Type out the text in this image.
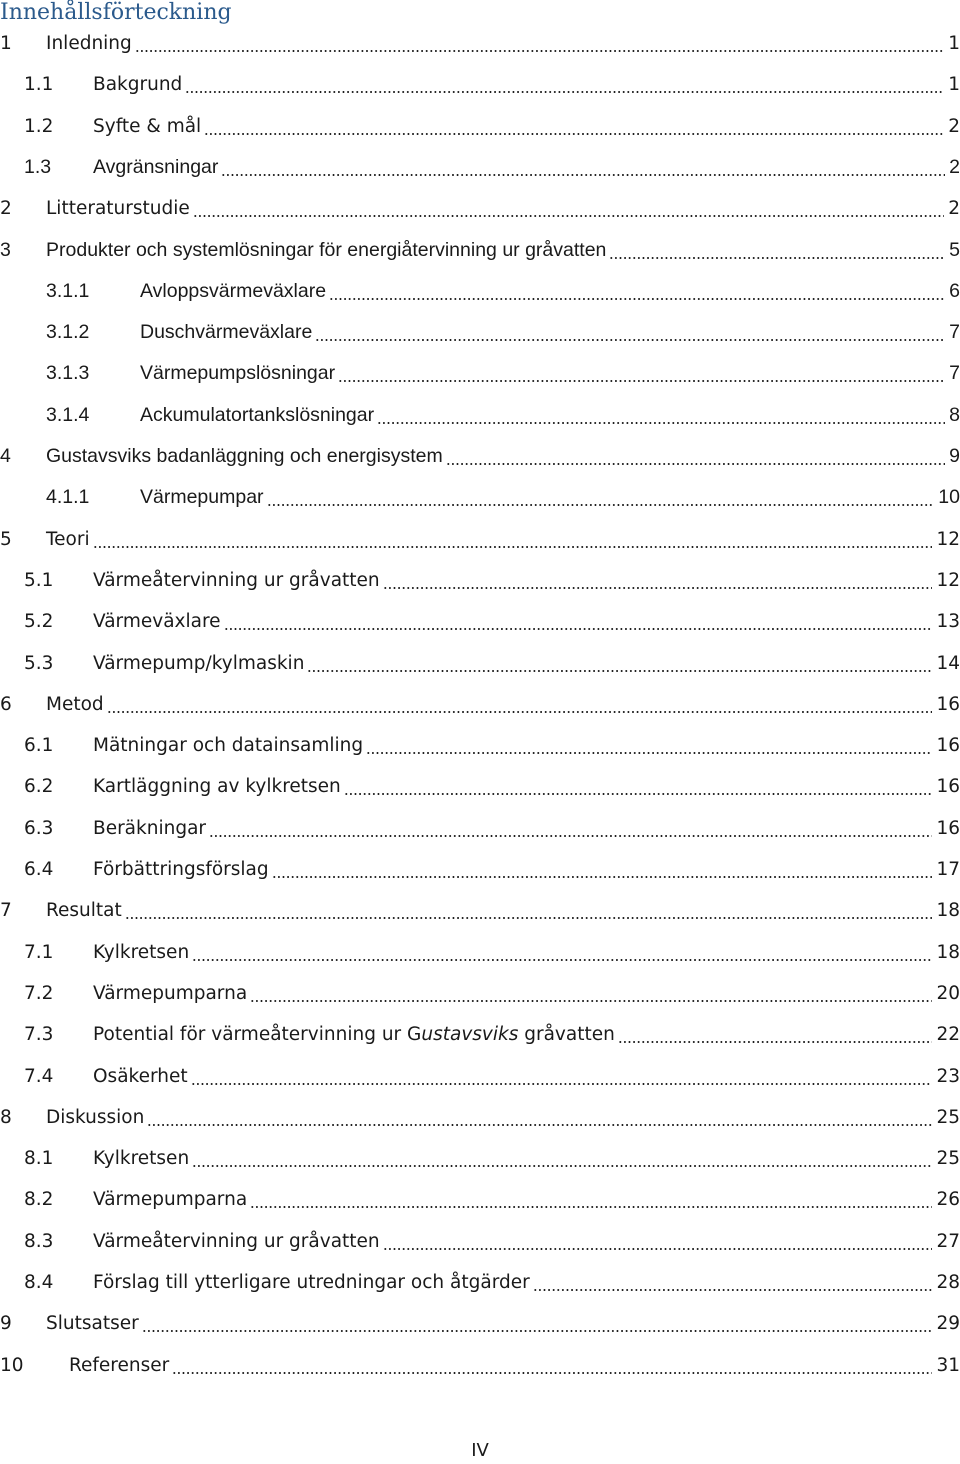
Innehållsförteckning
1	Inledning	1
1.1	Bakgrund	1
1.2	Syfte & mål	2
1.3	Avgränsningar	2
2	Litteraturstudie	2
3	Produkter och systemlösningar för energiåtervinning ur gråvatten	5
3.1.1	Avloppsvärmeväxlare	6
3.1.2	Duschvärmeväxlare	7
3.1.3	Värmepumpslösningar	7
3.1.4	Ackumulatortankslösningar	8
4	Gustavsviks badanläggning och energisystem	9
4.1.1	Värmepumpar	10
5	Teori	12
5.1	Värmeåtervinning ur gråvatten	12
5.2	Värmeväxlare	13
5.3	Värmepump/kylmaskin	14
6	Metod	16
6.1	Mätningar och datainsamling	16
6.2	Kartläggning av kylkretsen	16
6.3	Beräkningar	16
6.4	Förbättringsförslag	17
7	Resultat	18
7.1	Kylkretsen	18
7.2	Värmepumparna	20
7.3	Potential för värmeåtervinning ur Gustavsviks gråvatten	22
7.4	Osäkerhet	23
8	Diskussion	25
8.1	Kylkretsen	25
8.2	Värmepumparna	26
8.3	Värmeåtervinning ur gråvatten	27
8.4	Förslag till ytterligare utredningar och åtgärder	28
9	Slutsatser	29
10	Referenser	31
IV
